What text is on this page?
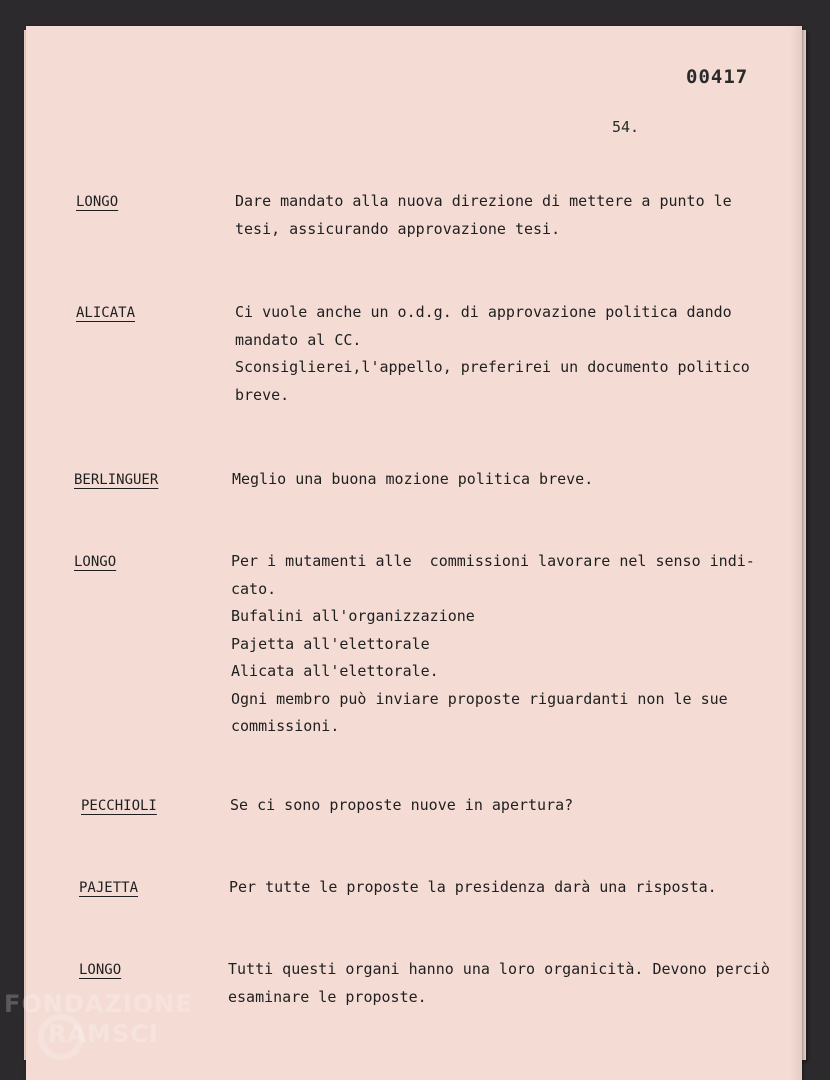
00417
54.
LONGO	Dare mandato alla nuova direzione di mettere a punto le
tesi, assicurando approvazione tesi.
ALICATA	Ci vuole anche un o.d.g. di approvazione politica dando
mandato al CC.
Sconsiglierei,l'appello, preferirei un documento politico
breve.
BERLINGUER	Meglio una buona mozione politica breve.
LONGO	Per i mutamenti alle  commissioni lavorare nel senso indi-
cato.
Bufalini all'organizzazione
Pajetta all'elettorale
Alicata all'elettorale.
Ogni membro può inviare proposte riguardanti non le sue
commissioni.
PECCHIOLI	Se ci sono proposte nuove in apertura?
PAJETTA	Per tutte le proposte la presidenza darà una risposta.
LONGO	Tutti questi organi hanno una loro organicità. Devono perciò
esaminare le proposte.
FONDAZIONE
RAMSCI
